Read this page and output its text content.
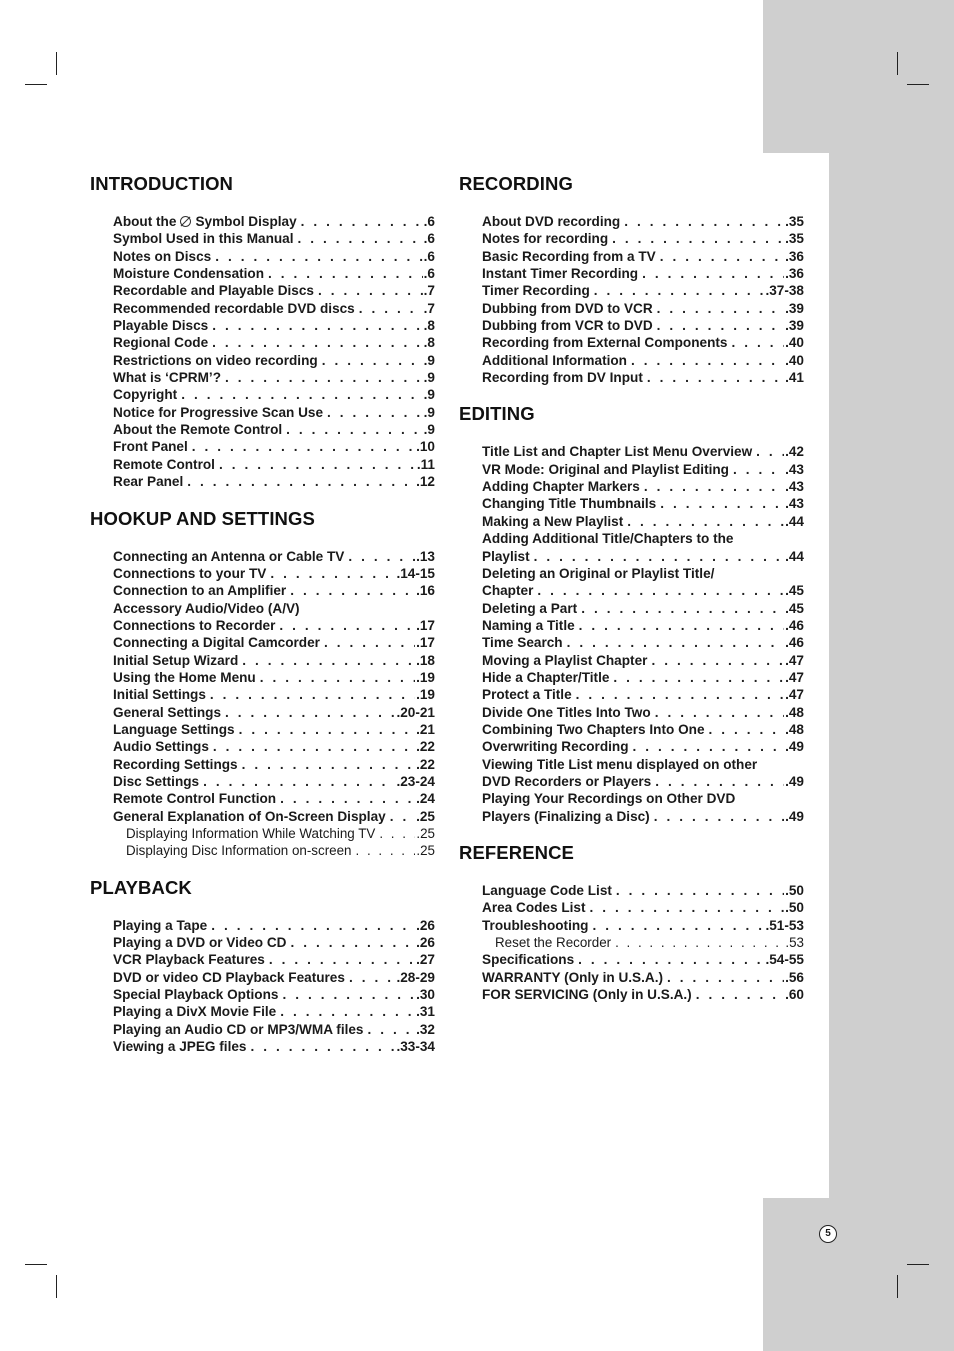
INTRODUCTION
About the Symbol Display . . .	.6
Symbol Used in this Manual . . .	.6
Notes on Discs . . .	.6
Moisture Condensation . . .	.6
Recordable and Playable Discs . . .	.7
Recommended recordable DVD discs . . .	.7
Playable Discs . . .	.8
Regional Code . . .	.8
Restrictions on video recording . . .	.9
What is ‘CPRM’? . . .	.9
Copyright . . .	.9
Notice for Progressive Scan Use . . .	.9
About the Remote Control . . .	.9
Front Panel . . .	.10
Remote Control . . .	.11
Rear Panel . . .	.12
HOOKUP AND SETTINGS
Connecting an Antenna or Cable TV . . .	.13
Connections to your TV . . .	.14-15
Connection to an Amplifier . . .	.16
Accessory Audio/Video (A/V)
Connections to Recorder . . .	.17
Connecting a Digital Camcorder . . .	.17
Initial Setup Wizard . . .	.18
Using the Home Menu . . .	.19
Initial Settings . . .	.19
General Settings . . .	.20-21
Language Settings . . .	.21
Audio Settings . . .	.22
Recording Settings . . .	.22
Disc Settings . . .	.23-24
Remote Control Function . . .	.24
General Explanation of On-Screen Display . . . .25
Displaying Information While Watching TV . . .	.25
Displaying Disc Information on-screen . . .	.25
PLAYBACK
Playing a Tape . . .	.26
Playing a DVD or Video CD . . .	.26
VCR Playback Features . . .	.27
DVD or video CD Playback Features . . .	.28-29
Special Playback Options . . .	.30
Playing a DivX Movie File . . .	.31
Playing an Audio CD or MP3/WMA files . . .	.32
Viewing a JPEG files . . .	.33-34
RECORDING
About DVD recording . . .	.35
Notes for recording . . .	.35
Basic Recording from a TV . . .	.36
Instant Timer Recording . . .	.36
Timer Recording . . .	.37-38
Dubbing from DVD to VCR . . .	.39
Dubbing from VCR to DVD . . .	.39
Recording from External Components . . .	.40
Additional Information . . .	.40
Recording from DV Input . . .	.41
EDITING
Title List and Chapter List Menu Overview . . . .42
VR Mode: Original and Playlist Editing . . .	.43
Adding Chapter Markers . . .	.43
Changing Title Thumbnails . . .	.43
Making a New Playlist . . .	.44
Adding Additional Title/Chapters to the
Playlist . . .	.44
Deleting an Original or Playlist Title/
Chapter . . .	.45
Deleting a Part . . .	.45
Naming a Title . . .	.46
Time Search . . .	.46
Moving a Playlist Chapter . . .	.47
Hide a Chapter/Title . . .	.47
Protect a Title . . .	.47
Divide One Titles Into Two . . .	.48
Combining Two Chapters Into One . . .	.48
Overwriting Recording . . .	.49
Viewing Title List menu displayed on other
DVD Recorders or Players . . .	.49
Playing Your Recordings on Other DVD
Players (Finalizing a Disc) . . .	.49
REFERENCE
Language Code List . . .	.50
Area Codes List . . .	.50
Troubleshooting . . .	.51-53
Reset the Recorder . . .	.53
Specifications . . .	.54-55
WARRANTY (Only in U.S.A.) . . .	.56
FOR SERVICING (Only in U.S.A.) . . .	.60
5
